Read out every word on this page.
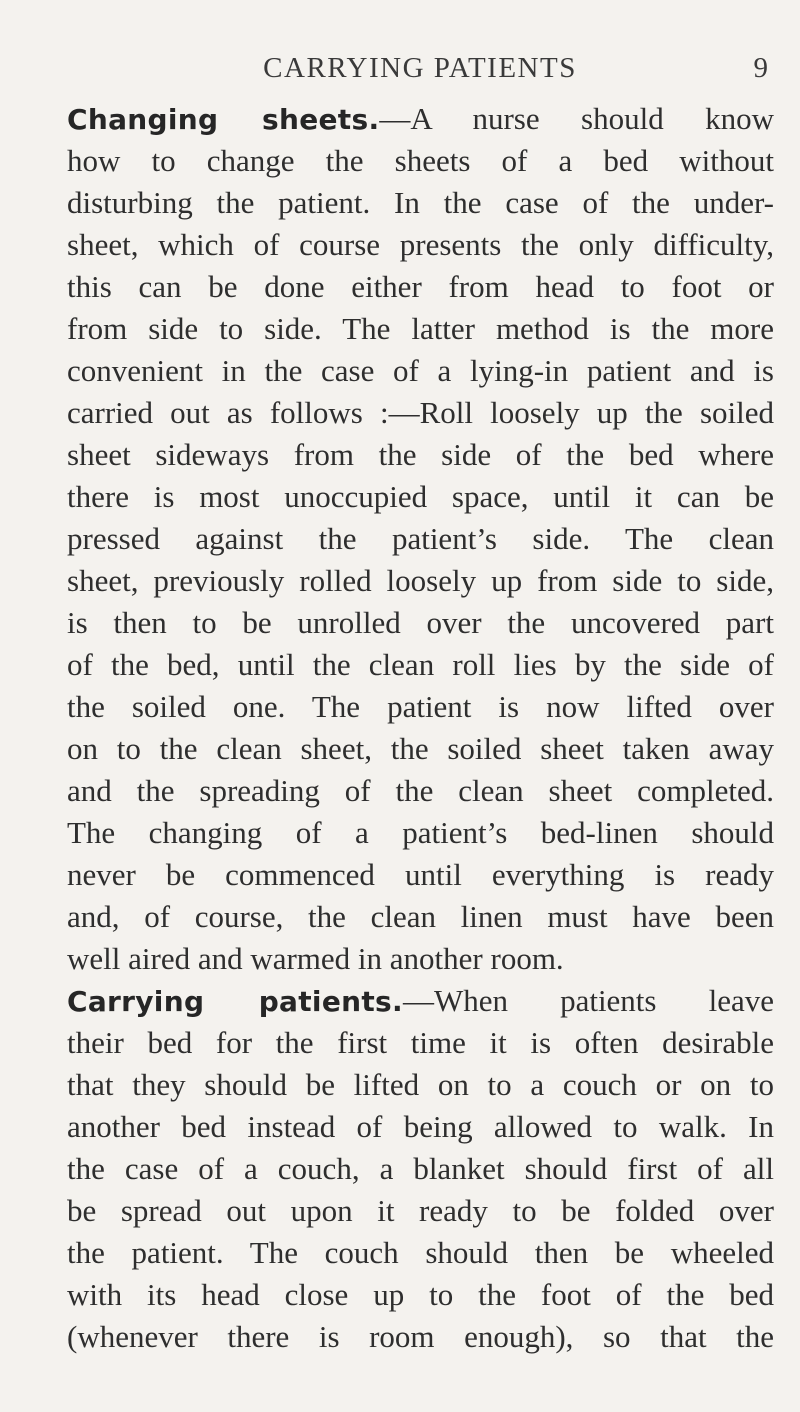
CARRYING PATIENTS	9
Changing sheets.—A nurse should know
how to change the sheets of a bed without
disturbing the patient. In the case of the under-
sheet, which of course presents the only difficulty,
this can be done either from head to foot or
from side to side. The latter method is the more
convenient in the case of a lying-in patient and is
carried out as follows :—Roll loosely up the soiled
sheet sideways from the side of the bed where
there is most unoccupied space, until it can be
pressed against the patient’s side. The clean
sheet, previously rolled loosely up from side to side,
is then to be unrolled over the uncovered part
of the bed, until the clean roll lies by the side of
the soiled one. The patient is now lifted over
on to the clean sheet, the soiled sheet taken away
and the spreading of the clean sheet completed.
The changing of a patient’s bed-linen should
never be commenced until everything is ready
and, of course, the clean linen must have been
well aired and warmed in another room.
Carrying patients.—When patients leave
their bed for the first time it is often desirable
that they should be lifted on to a couch or on to
another bed instead of being allowed to walk. In
the case of a couch, a blanket should first of all
be spread out upon it ready to be folded over
the patient. The couch should then be wheeled
with its head close up to the foot of the bed
(whenever there is room enough), so that the
